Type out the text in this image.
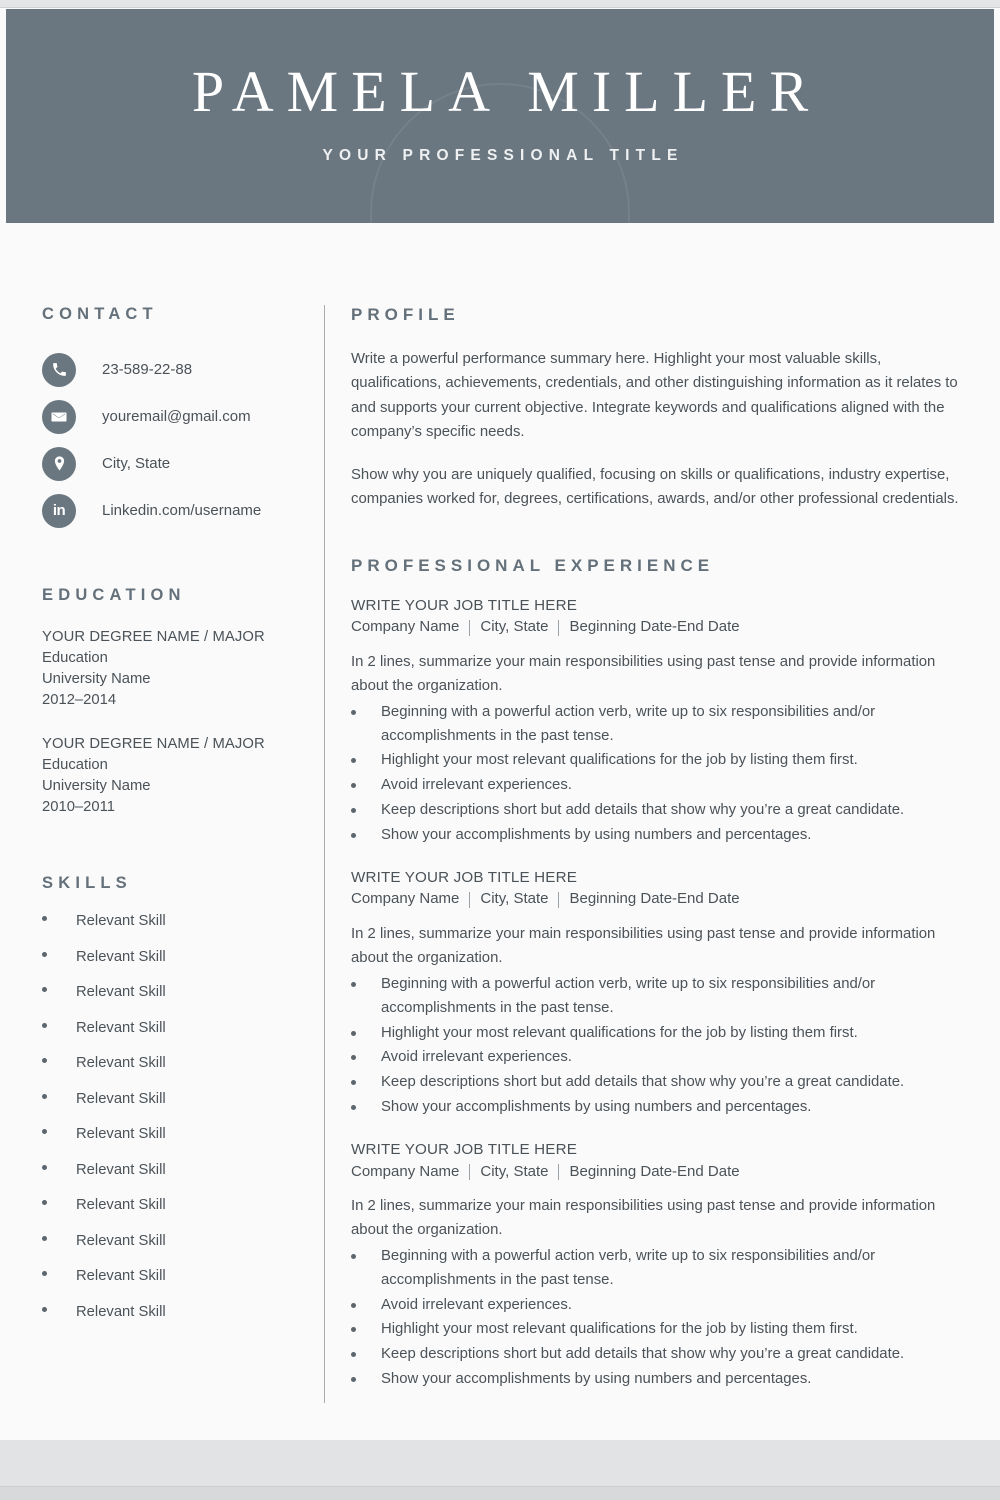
PAMELA MILLER
YOUR PROFESSIONAL TITLE
CONTACT
23-589-22-88
youremail@gmail.com
City, State
in Linkedin.com/username
EDUCATION
YOUR DEGREE NAME / MAJOR
Education
University Name
2012–2014
YOUR DEGREE NAME / MAJOR
Education
University Name
2010–2011
SKILLS
Relevant Skill
Relevant Skill
Relevant Skill
Relevant Skill
Relevant Skill
Relevant Skill
Relevant Skill
Relevant Skill
Relevant Skill
Relevant Skill
Relevant Skill
Relevant Skill
PROFILE

Write a powerful performance summary here. Highlight your most valuable skills, qualifications, achievements, credentials, and other distinguishing information as it relates to and supports your current objective. Integrate keywords and qualifications aligned with the company’s specific needs.

Show why you are uniquely qualified, focusing on skills or qualifications, industry expertise, companies worked for, degrees, certifications, awards, and/or other professional credentials.

PROFESSIONAL EXPERIENCE
WRITE YOUR JOB TITLE HERE
Company Name City, State Beginning Date-End Date

In 2 lines, summarize your main responsibilities using past tense and provide information about the organization.

Beginning with a powerful action verb, write up to six responsibilities and/or accomplishments in the past tense.
Highlight your most relevant qualifications for the job by listing them first.
Avoid irrelevant experiences.
Keep descriptions short but add details that show why you’re a great candidate.
Show your accomplishments by using numbers and percentages.
WRITE YOUR JOB TITLE HERE
Company Name City, State Beginning Date-End Date

In 2 lines, summarize your main responsibilities using past tense and provide information about the organization.

Beginning with a powerful action verb, write up to six responsibilities and/or accomplishments in the past tense.
Highlight your most relevant qualifications for the job by listing them first.
Avoid irrelevant experiences.
Keep descriptions short but add details that show why you’re a great candidate.
Show your accomplishments by using numbers and percentages.
WRITE YOUR JOB TITLE HERE
Company Name City, State Beginning Date-End Date

In 2 lines, summarize your main responsibilities using past tense and provide information about the organization.

Beginning with a powerful action verb, write up to six responsibilities and/or accomplishments in the past tense.
Avoid irrelevant experiences.
Highlight your most relevant qualifications for the job by listing them first.
Keep descriptions short but add details that show why you’re a great candidate.
Show your accomplishments by using numbers and percentages.
